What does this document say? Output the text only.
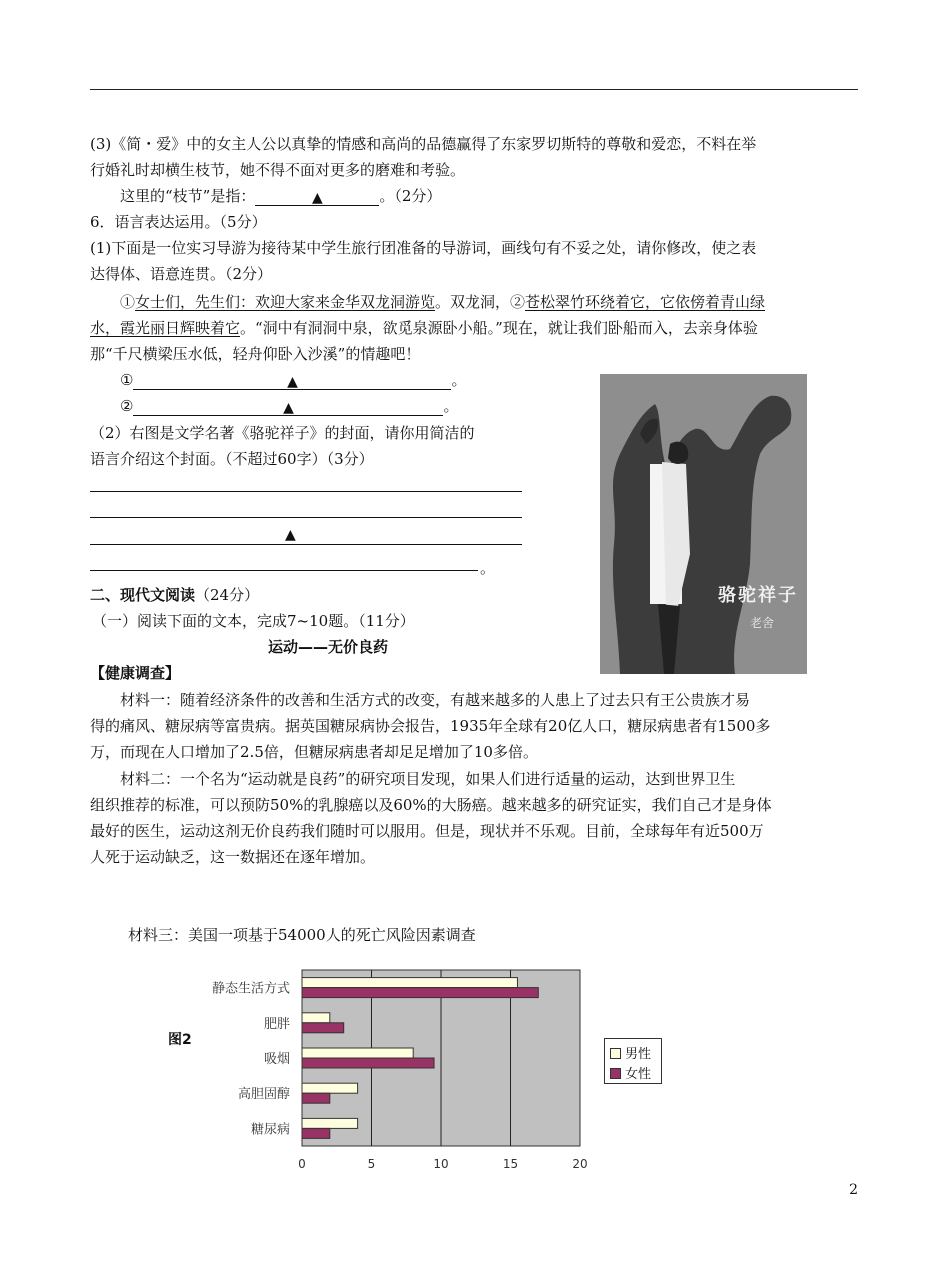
(3)《简・爱》中的女主人公以真挚的情感和高尚的品德赢得了东家罗切斯特的尊敬和爱恋，不料在举
行婚礼时却横生枝节，她不得不面对更多的磨难和考验。
这里的“枝节”是指：	▲	。（2分）
6．语言表达运用。（5分）
(1)下面是一位实习导游为接待某中学生旅行团准备的导游词，画线句有不妥之处，请你修改，使之表
达得体、语意连贯。（2分）
①女士们，先生们：欢迎大家来金华双龙洞游览。双龙洞，②苍松翠竹环绕着它，它依傍着青山绿
水，霞光丽日辉映着它。“洞中有洞洞中泉，欲觅泉源卧小船。”现在，就让我们卧船而入，去亲身体验
那“千尺横梁压水低，轻舟仰卧入沙溪”的情趣吧！
①	▲	。
②	▲	。
（2）右图是文学名著《骆驼祥子》的封面，请你用简洁的
语言介绍这个封面。（不超过60字）（3分）
▲
。
骆驼祥子
老舍
二、现代文阅读（24分）
（一）阅读下面的文本，完成7~10题。（11分）
运动——无价良药
【健康调查】
材料一：随着经济条件的改善和生活方式的改变，有越来越多的人患上了过去只有王公贵族才易
得的痛风、糖尿病等富贵病。据英国糖尿病协会报告，1935年全球有20亿人口，糖尿病患者有1500多
万，而现在人口增加了2.5倍，但糖尿病患者却足足增加了10多倍。
材料二：一个名为“运动就是良药”的研究项目发现，如果人们进行适量的运动，达到世界卫生
组织推荐的标准，可以预防50%的乳腺癌以及60%的大肠癌。越来越多的研究证实，我们自己才是身体
最好的医生，运动这剂无价良药我们随时可以服用。但是，现状并不乐观。目前，全球每年有近500万
人死于运动缺乏，这一数据还在逐年增加。
材料三：美国一项基于54000人的死亡风险因素调查
图2
0	5	10	15	20
静态生活方式
肥胖
吸烟
高胆固醇
糖尿病
男性
女性
2
